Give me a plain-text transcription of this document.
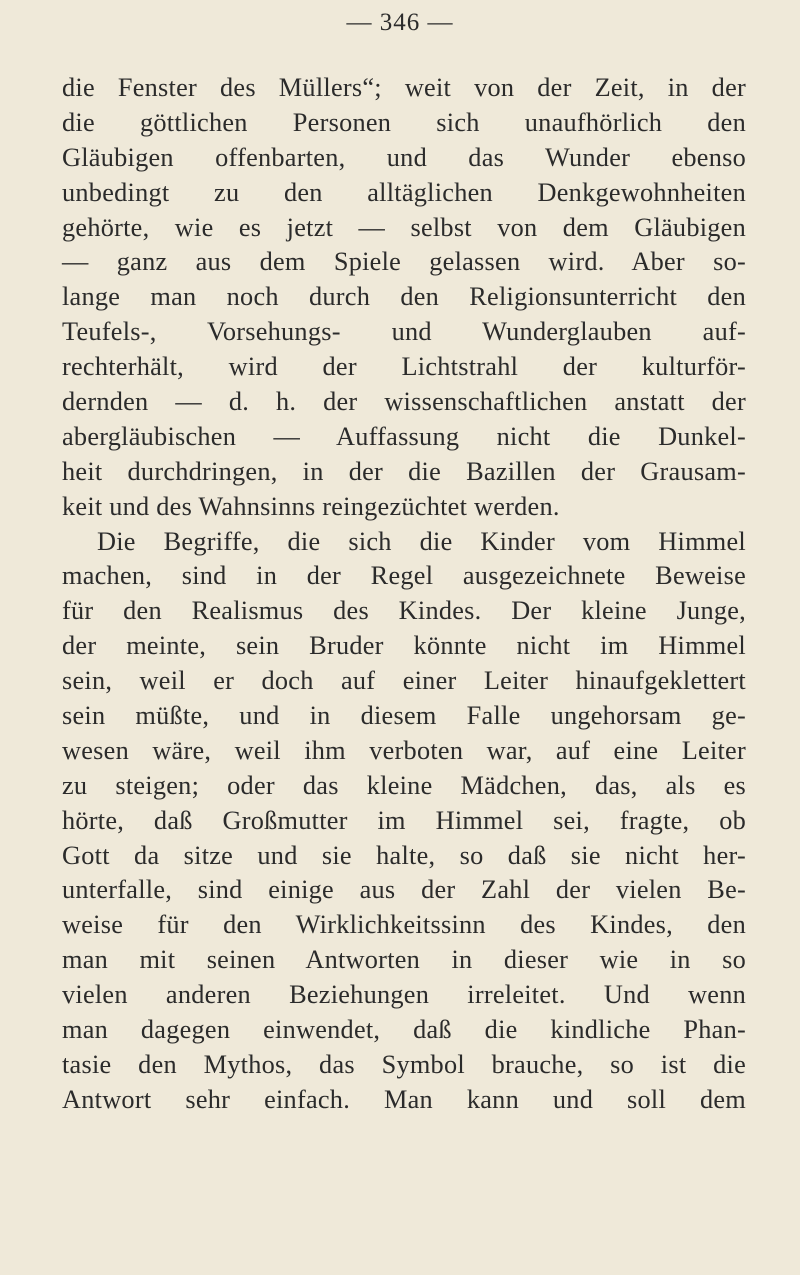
— 346 —
die Fenster des Müllers“; weit von der Zeit, in der
die göttlichen Personen sich unaufhörlich den
Gläubigen offenbarten, und das Wunder ebenso
unbedingt zu den alltäglichen Denkgewohnheiten
gehörte, wie es jetzt — selbst von dem Gläubigen
— ganz aus dem Spiele gelassen wird. Aber so-
lange man noch durch den Religionsunterricht den
Teufels-, Vorsehungs- und Wunderglauben auf-
rechterhält, wird der Lichtstrahl der kulturför-
dernden — d. h. der wissenschaftlichen anstatt der
abergläubischen — Auffassung nicht die Dunkel-
heit durchdringen, in der die Bazillen der Grausam-
keit und des Wahnsinns reingezüchtet werden.
Die Begriffe, die sich die Kinder vom Himmel
machen, sind in der Regel ausgezeichnete Beweise
für den Realismus des Kindes. Der kleine Junge,
der meinte, sein Bruder könnte nicht im Himmel
sein, weil er doch auf einer Leiter hinaufgeklettert
sein müßte, und in diesem Falle ungehorsam ge-
wesen wäre, weil ihm verboten war, auf eine Leiter
zu steigen; oder das kleine Mädchen, das, als es
hörte, daß Großmutter im Himmel sei, fragte, ob
Gott da sitze und sie halte, so daß sie nicht her-
unterfalle, sind einige aus der Zahl der vielen Be-
weise für den Wirklichkeitssinn des Kindes, den
man mit seinen Antworten in dieser wie in so
vielen anderen Beziehungen irreleitet. Und wenn
man dagegen einwendet, daß die kindliche Phan-
tasie den Mythos, das Symbol brauche, so ist die
Antwort sehr einfach. Man kann und soll dem
